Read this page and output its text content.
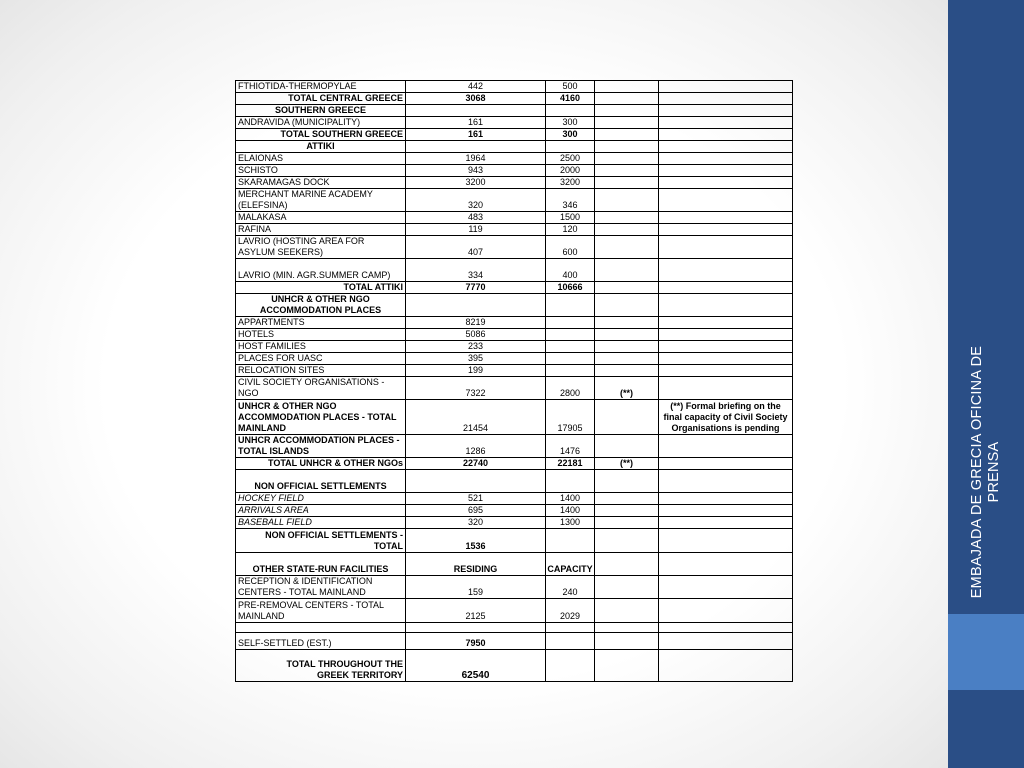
EMBAJADA DE GRECIA OFICINA DE PRENSA
FTHIOTIDA-THERMOPYLAE	442	500		
TOTAL CENTRAL GREECE	3068	4160		
SOUTHERN GREECE				
ANDRAVIDA (MUNICIPALITY)	161	300		
TOTAL SOUTHERN GREECE	161	300		
ATTIKI				
ELAIONAS	1964	2500		
SCHISTO	943	2000		
SKARAMAGAS DOCK	3200	3200		
MERCHANT MARINE ACADEMY (ELEFSINA)	320	346		
MALAKASA	483	1500		
RAFINA	119	120		
LAVRIO (HOSTING AREA FOR ASYLUM SEEKERS)	407	600		
LAVRIO (MIN. AGR.SUMMER CAMP)	334	400		
TOTAL ATTIKI	7770	10666		
UNHCR & OTHER NGO ACCOMMODATION PLACES				
APPARTMENTS	8219			
HOTELS	5086			
HOST FAMILIES	233			
PLACES FOR UASC	395			
RELOCATION SITES	199			
CIVIL SOCIETY ORGANISATIONS - NGO	7322	2800	(**)	
UNHCR & OTHER NGO ACCOMMODATION PLACES - TOTAL MAINLAND	21454	17905		(**) Formal briefing on the final capacity of Civil Society Organisations is pending
UNHCR ACCOMMODATION PLACES -TOTAL ISLANDS	1286	1476		
TOTAL UNHCR & OTHER NGOs	22740	22181	(**)	
NON OFFICIAL SETTLEMENTS				
HOCKEY FIELD	521	1400		
ARRIVALS AREA	695	1400		
BASEBALL FIELD	320	1300		
NON OFFICIAL SETTLEMENTS - TOTAL	1536			
OTHER STATE-RUN FACILITIES	RESIDING	CAPACITY		
RECEPTION & IDENTIFICATION CENTERS - TOTAL MAINLAND	159	240		
PRE-REMOVAL CENTERS - TOTAL MAINLAND	2125	2029		

SELF-SETTLED (EST.)	7950			
TOTAL THROUGHOUT THE GREEK TERRITORY	62540			
